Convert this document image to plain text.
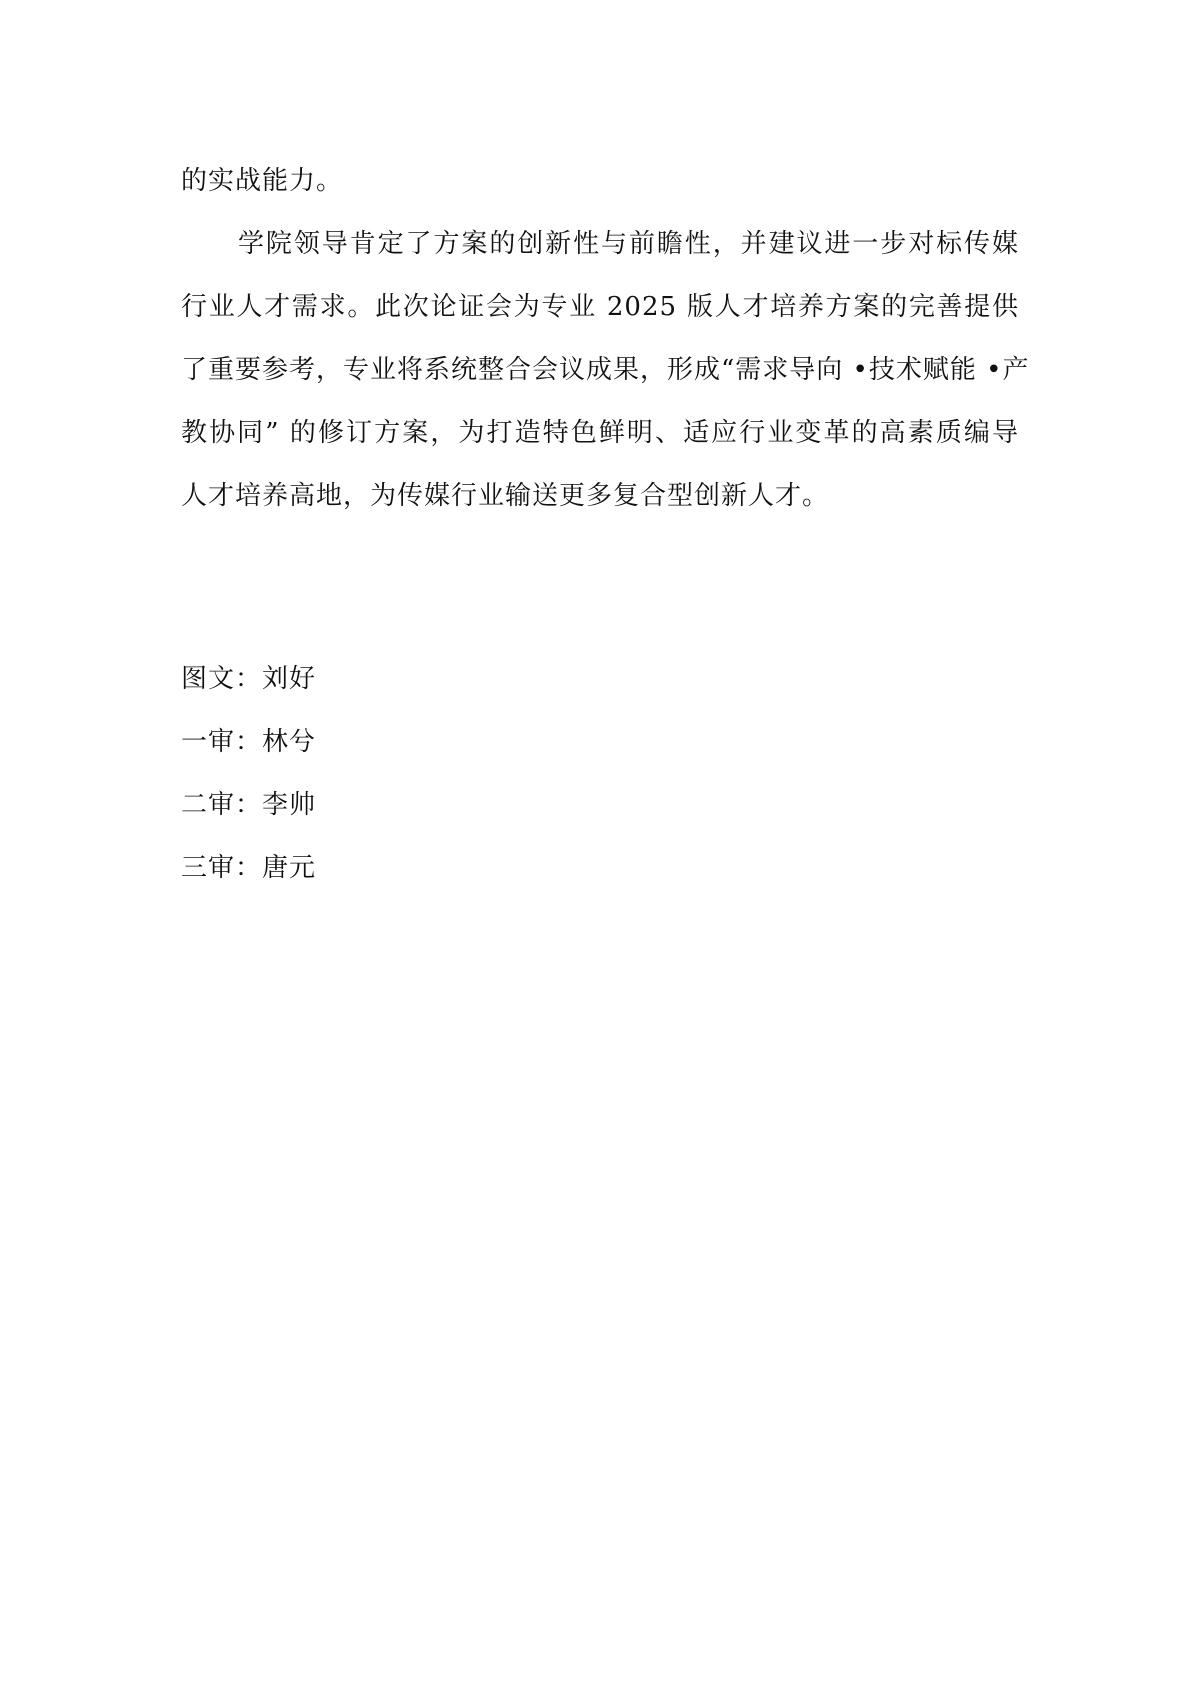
的实战能力。
学院领导肯定了方案的创新性与前瞻性，并建议进一步对标传媒
行业人才需求。此次论证会为专业 2025 版人才培养方案的完善提供
了重要参考，专业将系统整合会议成果，形成“需求导向 •技术赋能 •产
教协同” 的修订方案，为打造特色鲜明、适应行业变革的高素质编导
人才培养高地，为传媒行业输送更多复合型创新人才。
图文：刘好
一审：林兮
二审：李帅
三审：唐元
